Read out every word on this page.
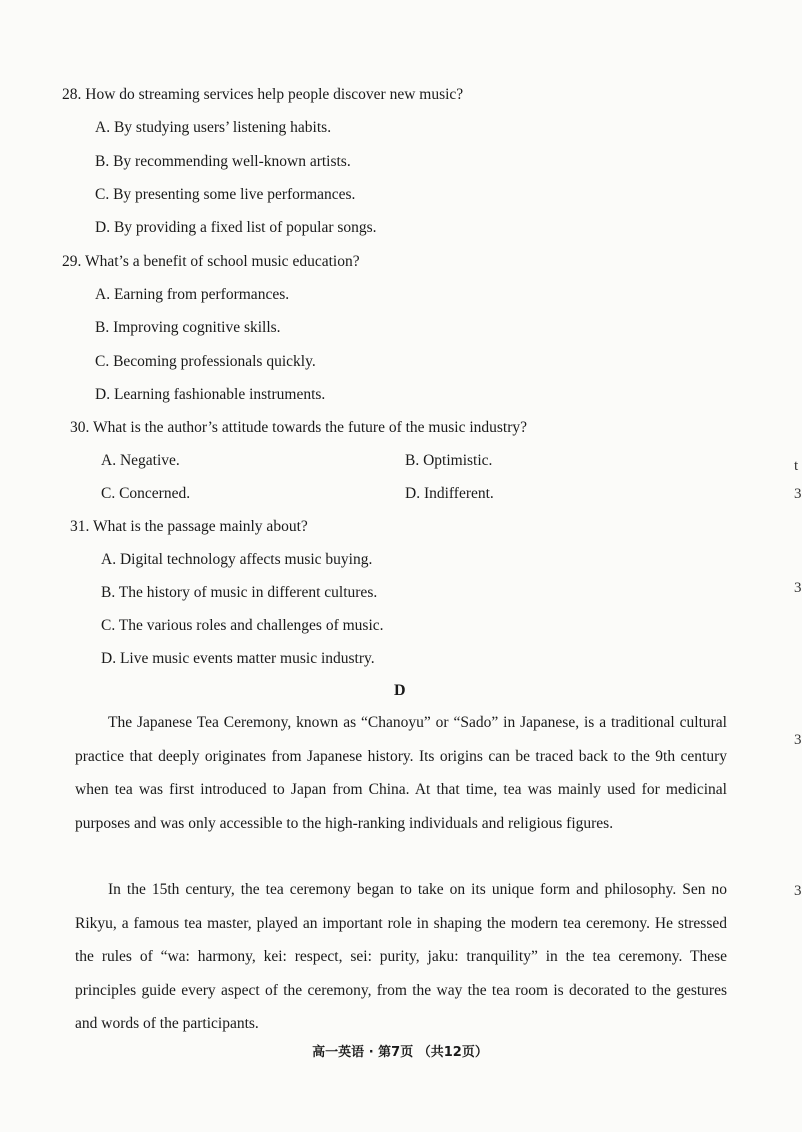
28. How do streaming services help people discover new music?
A. By studying users’ listening habits.
B. By recommending well-known artists.
C. By presenting some live performances.
D. By providing a fixed list of popular songs.
29. What’s a benefit of school music education?
A. Earning from performances.
B. Improving cognitive skills.
C. Becoming professionals quickly.
D. Learning fashionable instruments.
30. What is the author’s attitude towards the future of the music industry?
A. Negative.	B. Optimistic.
C. Concerned.	D. Indifferent.
31. What is the passage mainly about?
A. Digital technology affects music buying.
B. The history of music in different cultures.
C. The various roles and challenges of music.
D. Live music events matter music industry.
D
The Japanese Tea Ceremony, known as “Chanoyu” or “Sado” in Japanese, is a traditional cultural practice that deeply originates from Japanese history. Its origins can be traced back to the 9th century when tea was first introduced to Japan from China. At that time, tea was mainly used for medicinal purposes and was only accessible to the high-ranking individuals and religious figures.
In the 15th century, the tea ceremony began to take on its unique form and philosophy. Sen no Rikyu, a famous tea master, played an important role in shaping the modern tea ceremony. He stressed the rules of “wa: harmony, kei: respect, sei: purity, jaku: tranquility” in the tea ceremony. These principles guide every aspect of the ceremony, from the way the tea room is decorated to the gestures and words of the participants.
t
3
3
3
3
高一英语 · 第7页 （共12页）
